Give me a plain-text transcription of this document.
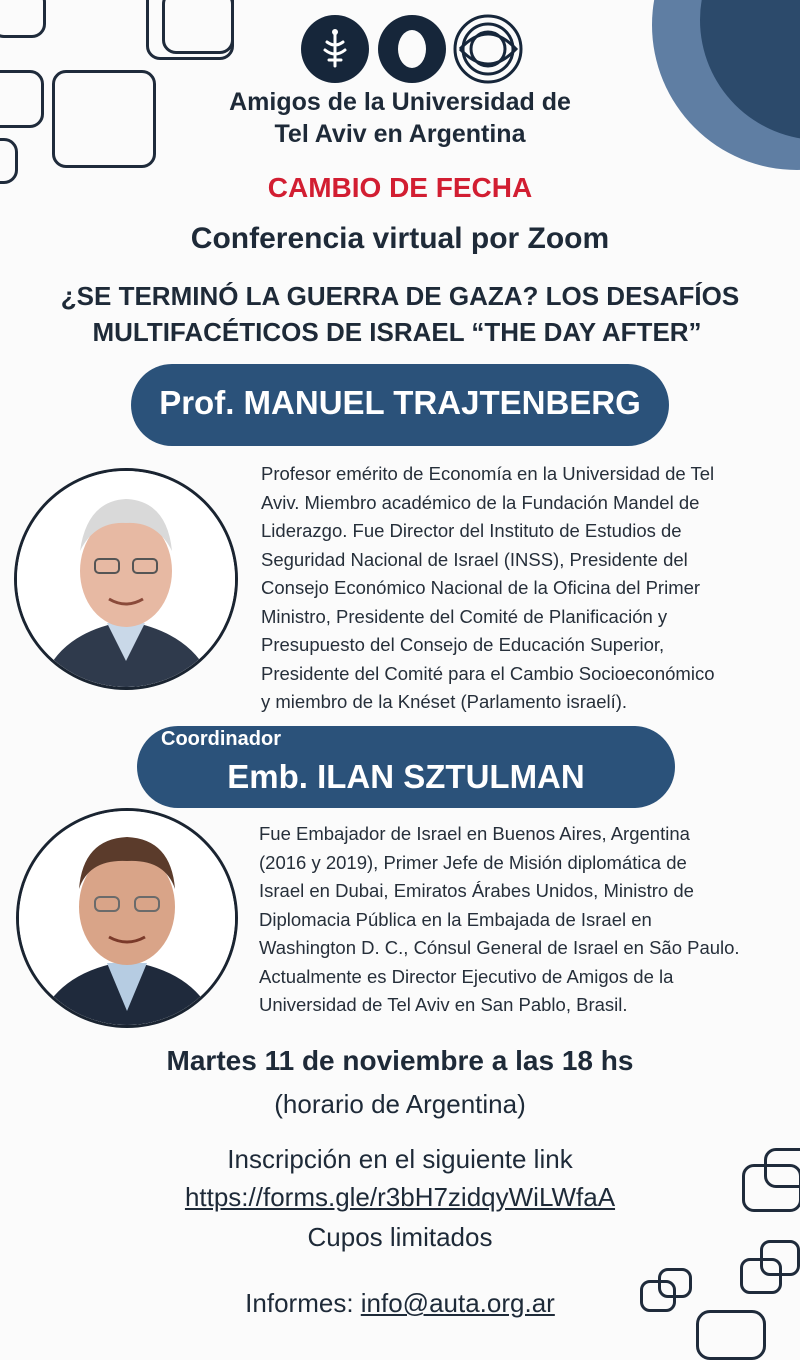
Amigos de la Universidad de
Tel Aviv en Argentina
CAMBIO DE FECHA
Conferencia virtual por Zoom
¿SE TERMINÓ LA GUERRA DE GAZA? LOS DESAFÍOS
MULTIFACÉTICOS DE ISRAEL “THE DAY AFTER”
Prof. MANUEL TRAJTENBERG
Profesor emérito de Economía en la Universidad de Tel
Aviv. Miembro académico de la Fundación Mandel de
Liderazgo. Fue Director del Instituto de Estudios de
Seguridad Nacional de Israel (INSS), Presidente del
Consejo Económico Nacional de la Oficina del Primer
Ministro, Presidente del Comité de Planificación y
Presupuesto del Consejo de Educación Superior,
Presidente del Comité para el Cambio Socioeconómico
y miembro de la Knéset (Parlamento israelí).
Coordinador
Emb. ILAN SZTULMAN
Fue Embajador de Israel en Buenos Aires, Argentina
(2016 y 2019), Primer Jefe de Misión diplomática de
Israel en Dubai, Emiratos Árabes Unidos, Ministro de
Diplomacia Pública en la Embajada de Israel en
Washington D. C., Cónsul General de Israel en São Paulo.
Actualmente es Director Ejecutivo de Amigos de la
Universidad de Tel Aviv en San Pablo, Brasil.
Martes 11 de noviembre a las 18 hs
(horario de Argentina)
Inscripción en el siguiente link
https://forms.gle/r3bH7zidqyWiLWfaA
Cupos limitados
Informes: info@auta.org.ar
